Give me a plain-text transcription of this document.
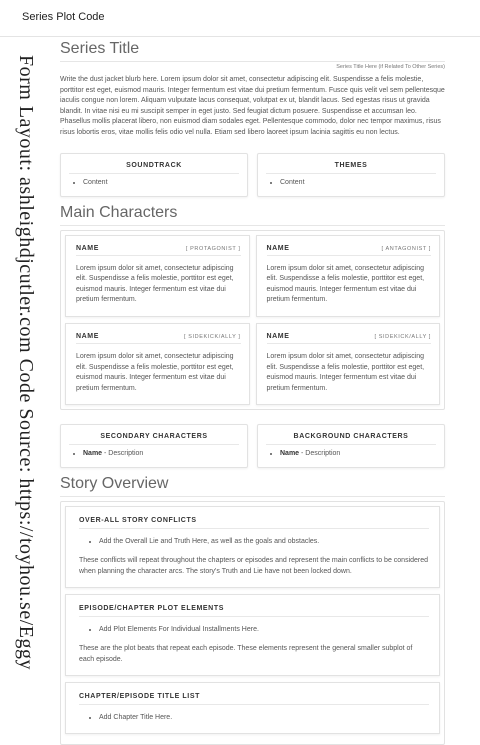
Series Plot Code
Form Layout: ashleighdjcutler.com Code Source: https://toyhou.se/Eggy
Series Title
Series Title Here (if Related To Other Series)
Write the dust jacket blurb here. Lorem ipsum dolor sit amet, consectetur adipiscing elit. Suspendisse a felis molestie, porttitor est eget, euismod mauris. Integer fermentum est vitae dui pretium fermentum. Fusce quis velit vel sem pellentesque iaculis congue non lorem. Aliquam vulputate lacus consequat, volutpat ex ut, blandit lacus. Sed egestas risus ut gravida blandit. In vitae nisi eu mi suscipit semper in eget justo. Sed feugiat dictum posuere. Suspendisse et accumsan leo. Phasellus mollis placerat libero, non euismod diam sodales eget. Pellentesque commodo, dolor nec tempor maximus, risus risus lobortis eros, vitae mollis felis odio vel nulla. Etiam sed libero laoreet ipsum lacinia sagittis eu non lectus.
SOUNDTRACK
• Content
THEMES
• Content
Main Characters
NAME	[ PROTAGONIST ]
Lorem ipsum dolor sit amet, consectetur adipiscing elit. Suspendisse a felis molestie, porttitor est eget, euismod mauris. Integer fermentum est vitae dui pretium fermentum.
NAME	[ ANTAGONIST ]
Lorem ipsum dolor sit amet, consectetur adipiscing elit. Suspendisse a felis molestie, porttitor est eget, euismod mauris. Integer fermentum est vitae dui pretium fermentum.
NAME	[ SIDEKICK/ALLY ]
Lorem ipsum dolor sit amet, consectetur adipiscing elit. Suspendisse a felis molestie, porttitor est eget, euismod mauris. Integer fermentum est vitae dui pretium fermentum.
NAME	[ SIDEKICK/ALLY ]
Lorem ipsum dolor sit amet, consectetur adipiscing elit. Suspendisse a felis molestie, porttitor est eget, euismod mauris. Integer fermentum est vitae dui pretium fermentum.
SECONDARY CHARACTERS
• Name - Description
BACKGROUND CHARACTERS
• Name - Description
Story Overview
OVER-ALL STORY CONFLICTS
• Add the Overall Lie and Truth Here, as well as the goals and obstacles.

These conflicts will repeat throughout the chapters or episodes and represent the main conflicts to be considered when planning the character arcs. The story's Truth and Lie have not been locked down.

EPISODE/CHAPTER PLOT ELEMENTS
• Add Plot Elements For Individual Installments Here.

These are the plot beats that repeat each episode. These elements represent the general smaller subplot of each episode.

CHAPTER/EPISODE TITLE LIST
• Add Chapter Title Here.
